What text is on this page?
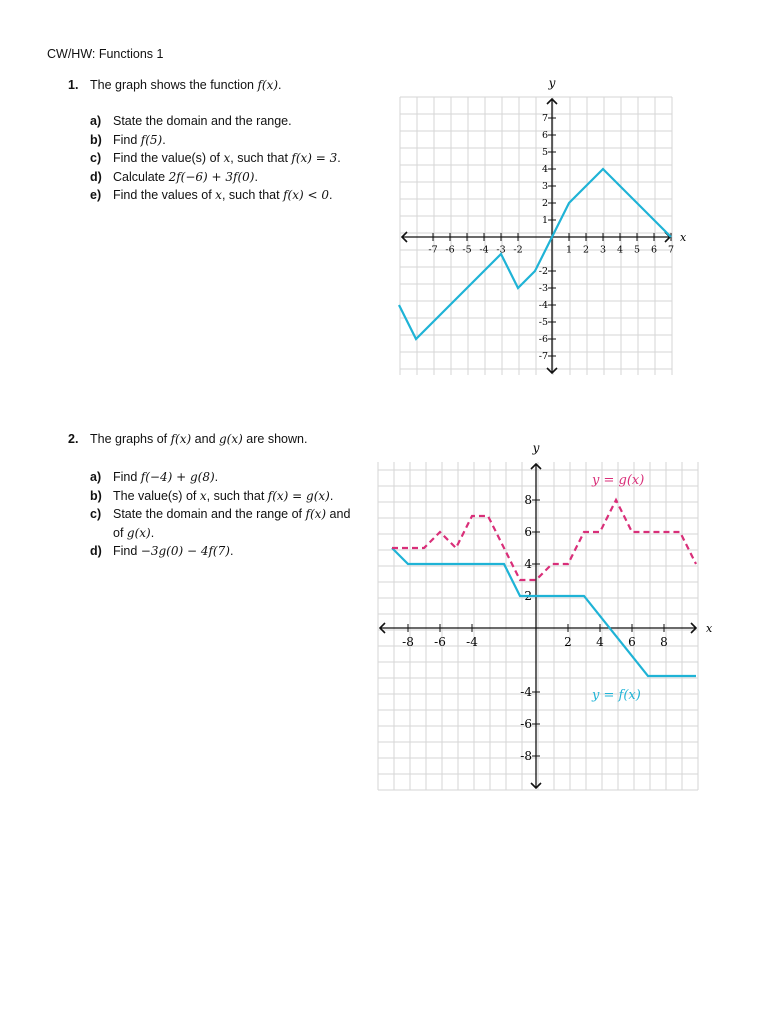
CW/HW: Functions 1
1. The graph shows the function f(x).
a) State the domain and the range.
b) Find f(5).
c) Find the value(s) of x, such that f(x) = 3.
d) Calculate 2f(−6) + 3f(0).
e) Find the values of x, such that f(x) < 0.
2. The graphs of f(x) and g(x) are shown.
a) Find f(−4) + g(8).
b) The value(s) of x, such that f(x) = g(x).
c) State the domain and the range of f(x) and
of g(x).
d) Find −3g(0) − 4f(7).
x
y
-7 -6 -5 -4 -3 -2	1 2 3 4 5 6 7
-7
-6
-5
-4
-3
-2
1
2
3
4
5
6
7
x
y
-8 -6 -4	2 4 6 8
-8
-6
-4
2
4
6
8
y = g(x)
y = f(x)
